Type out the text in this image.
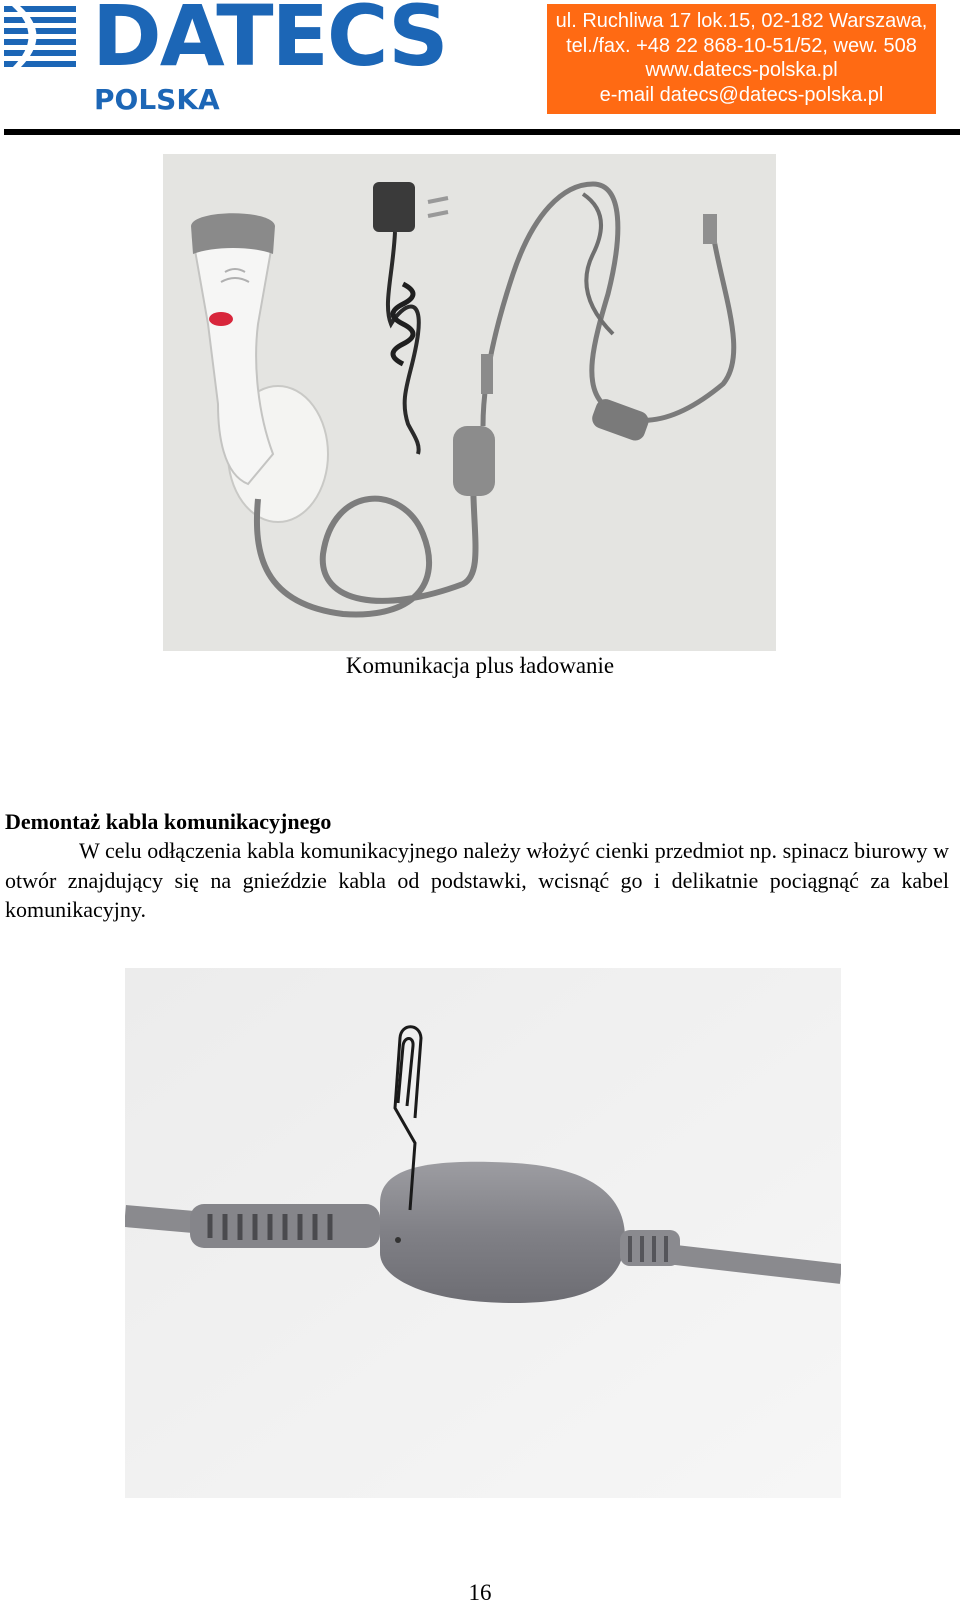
DATECS
POLSKA
ul. Ruchliwa 17 lok.15, 02-182 Warszawa,
tel./fax. +48 22 868-10-51/52, wew. 508
www.datecs-polska.pl
e-mail datecs@datecs-polska.pl
Komunikacja plus ładowanie
Demontaż kabla komunikacyjnego

W celu odłączenia kabla komunikacyjnego należy włożyć cienki przedmiot np. spinacz biurowy w otwór znajdujący się na gnieździe kabla od podstawki, wcisnąć go i delikatnie pociągnąć za kabel komunikacyjny.

16
